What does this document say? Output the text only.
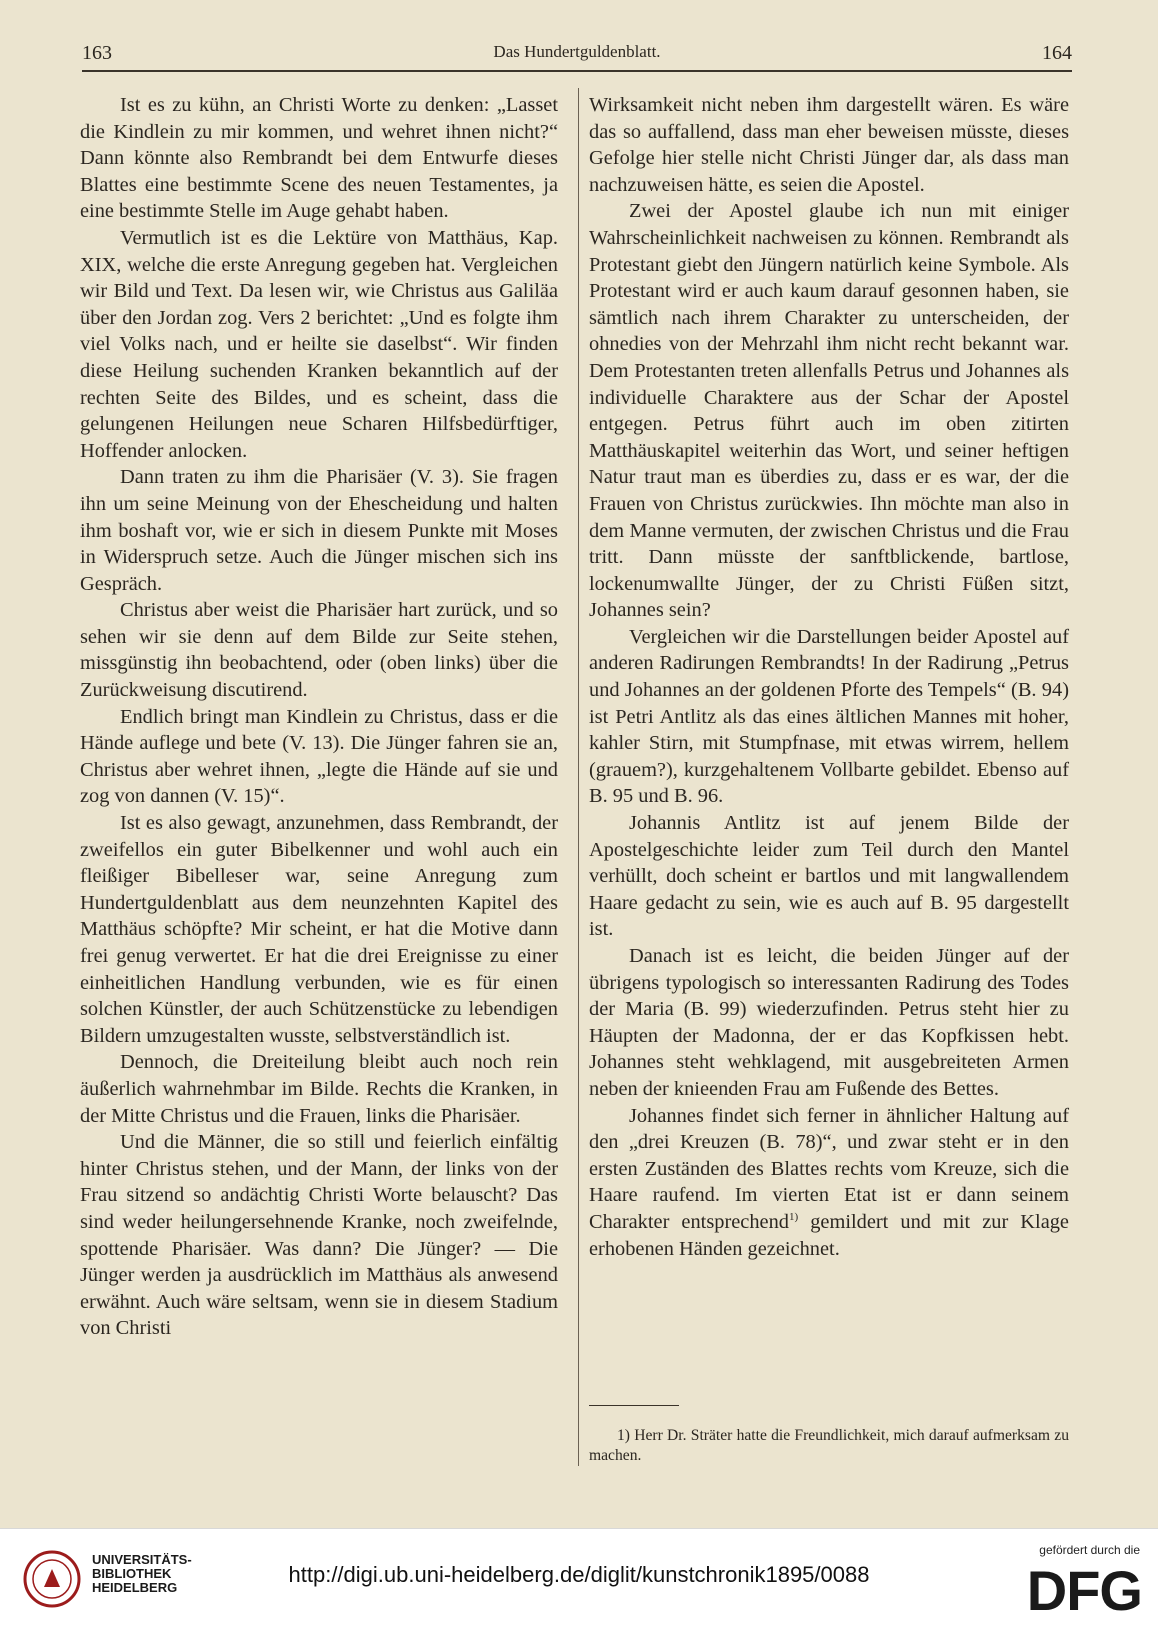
163	Das Hundertguldenblatt.	164

Ist es zu kühn, an Christi Worte zu denken: „Lasset die Kindlein zu mir kommen, und wehret ihnen nicht?“ Dann könnte also Rembrandt bei dem Entwurfe dieses Blattes eine bestimmte Scene des neuen Testamentes, ja eine bestimmte Stelle im Auge gehabt haben.

Vermutlich ist es die Lektüre von Matthäus, Kap. XIX, welche die erste Anregung gegeben hat. Vergleichen wir Bild und Text. Da lesen wir, wie Christus aus Galiläa über den Jordan zog. Vers 2 berichtet: „Und es folgte ihm viel Volks nach, und er heilte sie daselbst“. Wir finden diese Heilung suchenden Kranken bekanntlich auf der rechten Seite des Bildes, und es scheint, dass die gelungenen Heilungen neue Scharen Hilfsbedürftiger, Hoffender anlocken.

Dann traten zu ihm die Pharisäer (V. 3). Sie fragen ihn um seine Meinung von der Ehescheidung und halten ihm boshaft vor, wie er sich in diesem Punkte mit Moses in Widerspruch setze. Auch die Jünger mischen sich ins Gespräch.

Christus aber weist die Pharisäer hart zurück, und so sehen wir sie denn auf dem Bilde zur Seite stehen, missgünstig ihn beobachtend, oder (oben links) über die Zurückweisung discutirend.

Endlich bringt man Kindlein zu Christus, dass er die Hände auflege und bete (V. 13). Die Jünger fahren sie an, Christus aber wehret ihnen, „legte die Hände auf sie und zog von dannen (V. 15)“.

Ist es also gewagt, anzunehmen, dass Rembrandt, der zweifellos ein guter Bibelkenner und wohl auch ein fleißiger Bibelleser war, seine Anregung zum Hundertguldenblatt aus dem neunzehnten Kapitel des Matthäus schöpfte? Mir scheint, er hat die Motive dann frei genug verwertet. Er hat die drei Ereignisse zu einer einheitlichen Handlung verbunden, wie es für einen solchen Künstler, der auch Schützenstücke zu lebendigen Bildern umzugestalten wusste, selbstverständlich ist.

Dennoch, die Dreiteilung bleibt auch noch rein äußerlich wahrnehmbar im Bilde. Rechts die Kranken, in der Mitte Christus und die Frauen, links die Pharisäer.

Und die Männer, die so still und feierlich einfältig hinter Christus stehen, und der Mann, der links von der Frau sitzend so andächtig Christi Worte belauscht? Das sind weder heilungersehnende Kranke, noch zweifelnde, spottende Pharisäer. Was dann? Die Jünger? — Die Jünger werden ja ausdrücklich im Matthäus als anwesend erwähnt. Auch wäre seltsam, wenn sie in diesem Stadium von Christi

Wirksamkeit nicht neben ihm dargestellt wären. Es wäre das so auffallend, dass man eher beweisen müsste, dieses Gefolge hier stelle nicht Christi Jünger dar, als dass man nachzuweisen hätte, es seien die Apostel.

Zwei der Apostel glaube ich nun mit einiger Wahrscheinlichkeit nachweisen zu können. Rembrandt als Protestant giebt den Jüngern natürlich keine Symbole. Als Protestant wird er auch kaum darauf gesonnen haben, sie sämtlich nach ihrem Charakter zu unterscheiden, der ohnedies von der Mehrzahl ihm nicht recht bekannt war. Dem Protestanten treten allenfalls Petrus und Johannes als individuelle Charaktere aus der Schar der Apostel entgegen. Petrus führt auch im oben zitirten Matthäuskapitel weiterhin das Wort, und seiner heftigen Natur traut man es überdies zu, dass er es war, der die Frauen von Christus zurückwies. Ihn möchte man also in dem Manne vermuten, der zwischen Christus und die Frau tritt. Dann müsste der sanftblickende, bartlose, lockenumwallte Jünger, der zu Christi Füßen sitzt, Johannes sein?

Vergleichen wir die Darstellungen beider Apostel auf anderen Radirungen Rembrandts! In der Radirung „Petrus und Johannes an der goldenen Pforte des Tempels“ (B. 94) ist Petri Antlitz als das eines ältlichen Mannes mit hoher, kahler Stirn, mit Stumpfnase, mit etwas wirrem, hellem (grauem?), kurzgehaltenem Vollbarte gebildet. Ebenso auf B. 95 und B. 96.

Johannis Antlitz ist auf jenem Bilde der Apostelgeschichte leider zum Teil durch den Mantel verhüllt, doch scheint er bartlos und mit langwallendem Haare gedacht zu sein, wie es auch auf B. 95 dargestellt ist.

Danach ist es leicht, die beiden Jünger auf der übrigens typologisch so interessanten Radirung des Todes der Maria (B. 99) wiederzufinden. Petrus steht hier zu Häupten der Madonna, der er das Kopfkissen hebt. Johannes steht wehklagend, mit ausgebreiteten Armen neben der knieenden Frau am Fußende des Bettes.

Johannes findet sich ferner in ähnlicher Haltung auf den „drei Kreuzen (B. 78)“, und zwar steht er in den ersten Zuständen des Blattes rechts vom Kreuze, sich die Haare raufend. Im vierten Etat ist er dann seinem Charakter entsprechend$^{1)}$ gemildert und mit zur Klage erhobenen Händen gezeichnet.

1) Herr Dr. Sträter hatte die Freundlichkeit, mich darauf aufmerksam zu machen.

UNIVERSITÄTS-
BIBLIOTHEK
HEIDELBERG
http://digi.ub.uni-heidelberg.de/diglit/kunstchronik1895/0088
gefördert durch die
DFG
